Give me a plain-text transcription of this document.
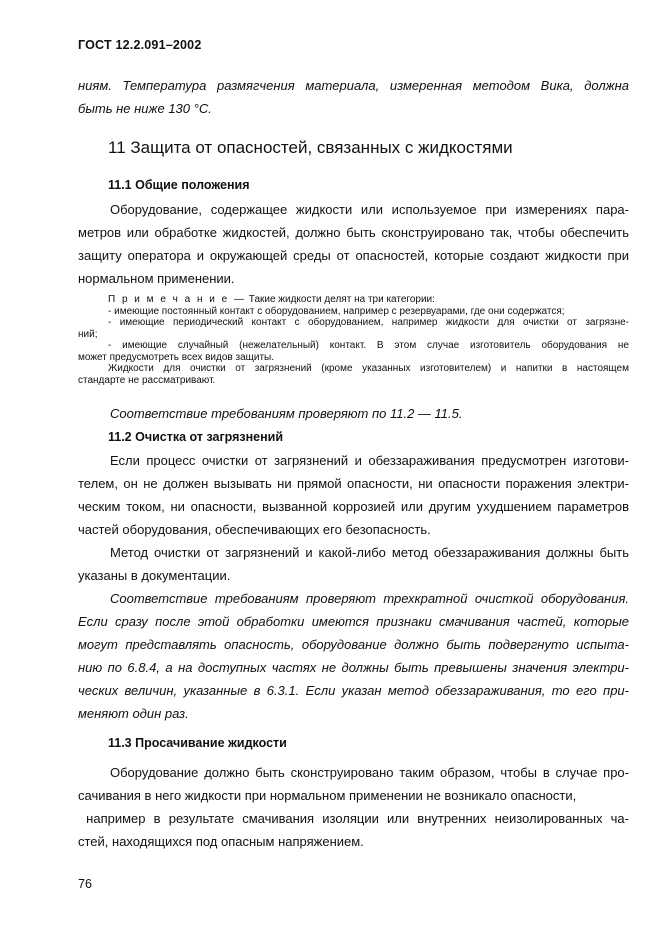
ГОСТ 12.2.091–2002
ниям. Температура размягчения материала, измеренная методом Вика, должна
быть не ниже 130 °С.
11 Защита от опасностей, связанных с жидкостями
11.1 Общие положения
Оборудование, содержащее жидкости или используемое при измерениях пара-
метров или обработке жидкостей, должно быть сконструировано так, чтобы обеспечить
защиту оператора и окружающей среды от опасностей, которые создают жидкости при
нормальном применении.
П р и м е ч а н и е — Такие жидкости делят на три категории:
- имеющие постоянный контакт с оборудованием, например с резервуарами, где они содержатся;
- имеющие периодический контакт с оборудованием, например жидкости для очистки от загрязне-
ний;
- имеющие случайный (нежелательный) контакт. В этом случае изготовитель оборудования не
может предусмотреть всех видов защиты.
Жидкости для очистки от загрязнений (кроме указанных изготовителем) и напитки в настоящем
стандарте не рассматривают.
Соответствие требованиям проверяют по 11.2 — 11.5.
11.2 Очистка от загрязнений
Если процесс очистки от загрязнений и обеззараживания предусмотрен изготови-
телем, он не должен вызывать ни прямой опасности, ни опасности поражения электри-
ческим током, ни опасности, вызванной коррозией или другим ухудшением параметров
частей оборудования, обеспечивающих его безопасность.
Метод очистки от загрязнений и какой-либо метод обеззараживания должны быть
указаны в документации.
Соответствие требованиям проверяют трехкратной очисткой оборудования.
Если сразу после этой обработки имеются признаки смачивания частей, которые
могут представлять опасность, оборудование должно быть подвергнуто испыта-
нию по 6.8.4, а на доступных частях не должны быть превышены значения электри-
ческих величин, указанные в 6.3.1. Если указан метод обеззараживания, то его при-
меняют один раз.
11.3 Просачивание жидкости
Оборудование должно быть сконструировано таким образом, чтобы в случае про-
сачивания в него жидкости при нормальном применении не возникало опасности,
например в результате смачивания изоляции или внутренних неизолированных ча-
стей, находящихся под опасным напряжением.
76
